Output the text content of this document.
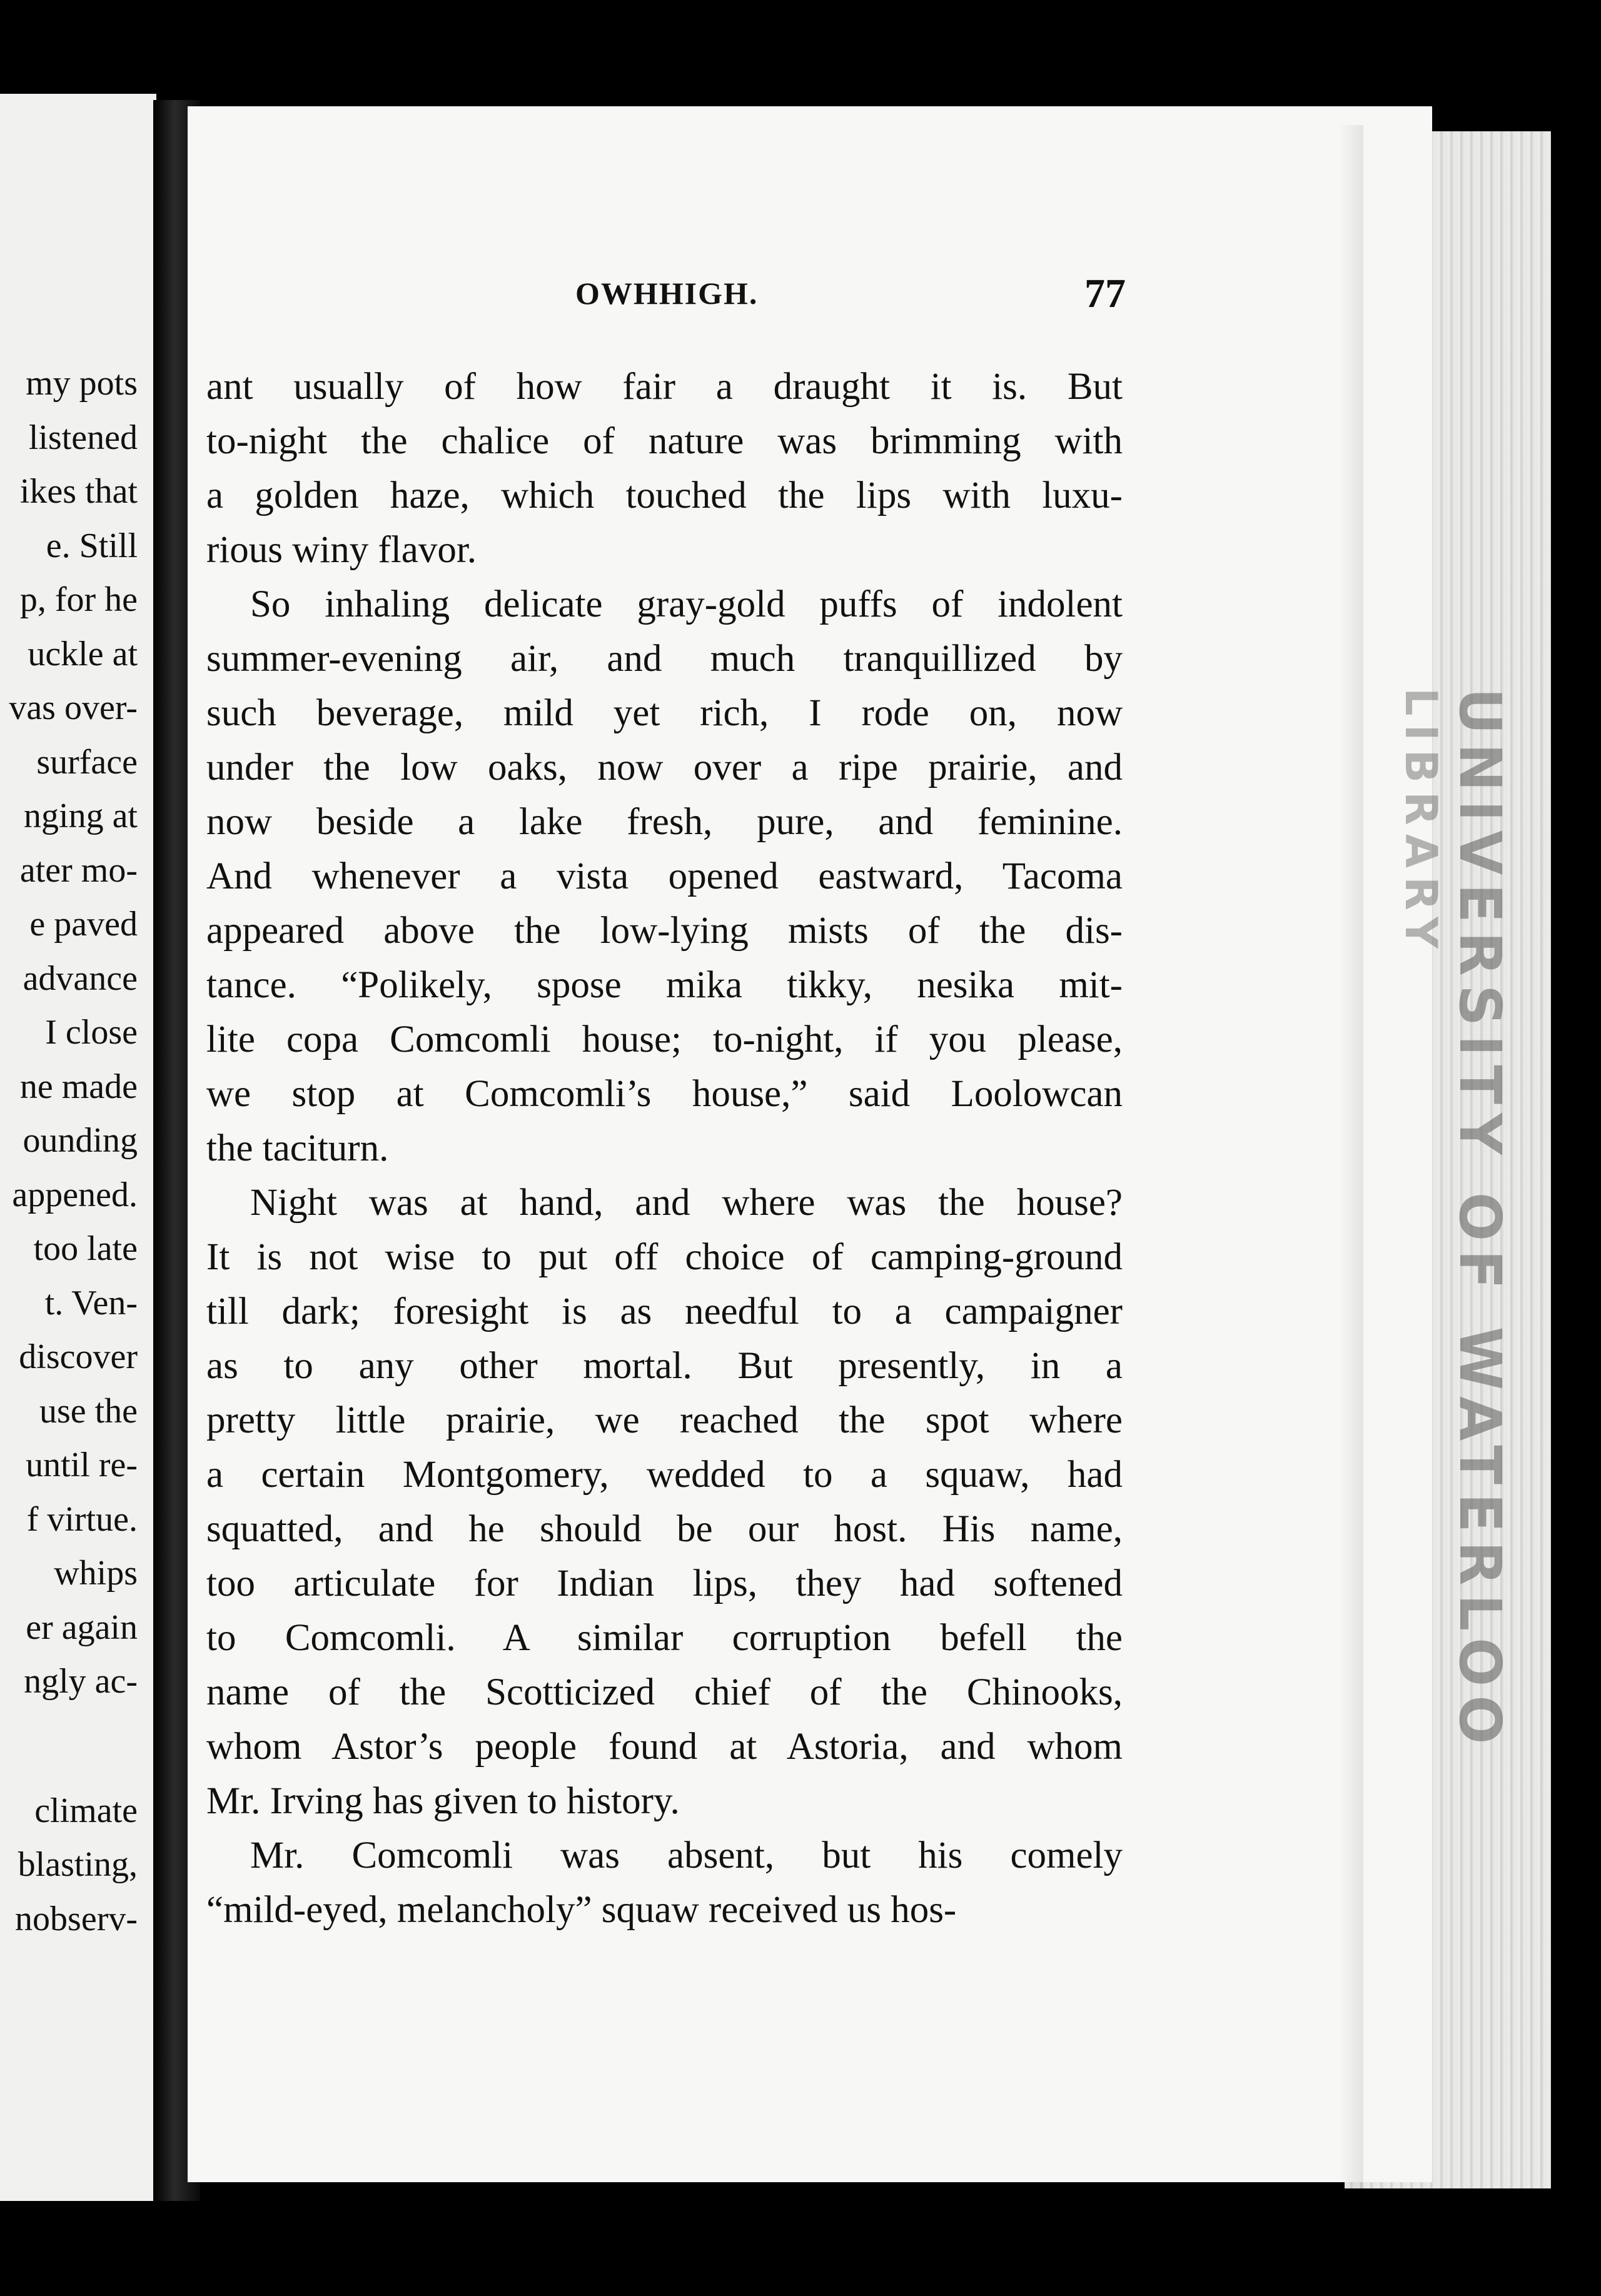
my pots
listened
ikes that
e. Still
p, for he
uckle at
vas over-
surface
nging at
ater mo-
e paved
advance
I close
ne made
ounding
appened.
too late
t. Ven-
discover
use the
until re-
f virtue.
whips
er again
ngly ac-
climate
blasting,
nobserv-
OWHHIGH.	77
ant usually of how fair a draught it is. But
to-night the chalice of nature was brimming with
a golden haze, which touched the lips with luxu-
rious winy flavor.
So inhaling delicate gray-gold puffs of indolent
summer-evening air, and much tranquillized by
such beverage, mild yet rich, I rode on, now
under the low oaks, now over a ripe prairie, and
now beside a lake fresh, pure, and feminine.
And whenever a vista opened eastward, Tacoma
appeared above the low-lying mists of the dis-
tance. “Polikely, spose mika tikky, nesika mit-
lite copa Comcomli house; to-night, if you please,
we stop at Comcomli’s house,” said Loolowcan
the taciturn.
Night was at hand, and where was the house?
It is not wise to put off choice of camping-ground
till dark; foresight is as needful to a campaigner
as to any other mortal. But presently, in a
pretty little prairie, we reached the spot where
a certain Montgomery, wedded to a squaw, had
squatted, and he should be our host. His name,
too articulate for Indian lips, they had softened
to Comcomli. A similar corruption befell the
name of the Scotticized chief of the Chinooks,
whom Astor’s people found at Astoria, and whom
Mr. Irving has given to history.
Mr. Comcomli was absent, but his comely
“mild-eyed, melancholy” squaw received us hos-
LIBRARY
